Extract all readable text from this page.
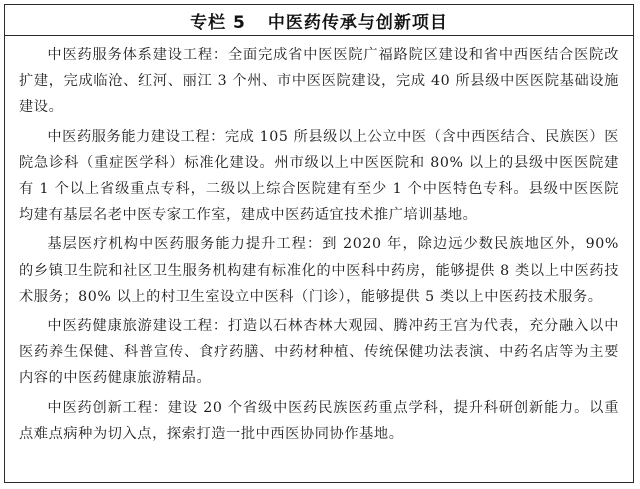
专栏 5 中医药传承与创新项目

中医药服务体系建设工程：全面完成省中医医院广福路院区建设和省中西医结合医院改扩建，完成临沧、红河、丽江 3 个州、市中医医院建设，完成 40 所县级中医医院基础设施建设。

中医药服务能力建设工程：完成 105 所县级以上公立中医（含中西医结合、民族医）医院急诊科（重症医学科）标准化建设。州市级以上中医医院和 80% 以上的县级中医医院建有 1 个以上省级重点专科，二级以上综合医院建有至少 1 个中医特色专科。县级中医医院均建有基层名老中医专家工作室，建成中医药适宜技术推广培训基地。

基层医疗机构中医药服务能力提升工程：到 2020 年，除边远少数民族地区外，90% 的乡镇卫生院和社区卫生服务机构建有标准化的中医科中药房，能够提供 8 类以上中医药技术服务；80% 以上的村卫生室设立中医科（门诊），能够提供 5 类以上中医药技术服务。

中医药健康旅游建设工程：打造以石林杏林大观园、腾冲药王宫为代表，充分融入以中医药养生保健、科普宣传、食疗药膳、中药材种植、传统保健功法表演、中药名店等为主要内容的中医药健康旅游精品。

中医药创新工程：建设 20 个省级中医药民族医药重点学科，提升科研创新能力。以重点难点病种为切入点，探索打造一批中西医协同协作基地。
